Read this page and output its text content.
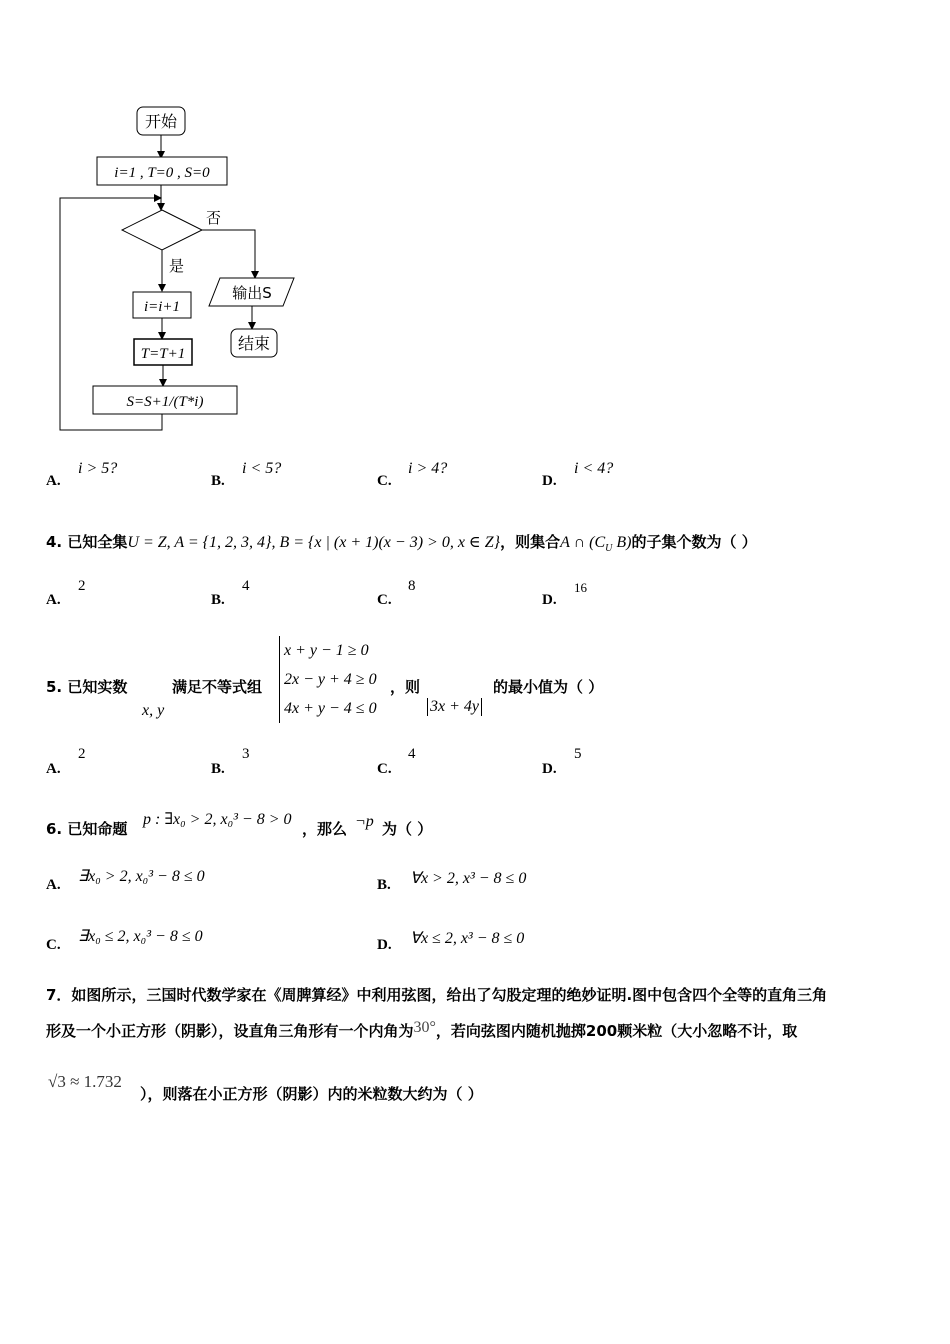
开始
i=1 , T=0 , S=0
否
输出S
结束
是
i=i+1
T=T+1
S=S+1/(T*i)
A.
i > 5?
B.
i < 5?
C.
i > 4?
D.
i < 4?
4. 已知全集U = Z, A = {1, 2, 3, 4}, B = {x | (x + 1)(x − 3) > 0, x ∈ Z}，则集合A ∩ ($C_U$ B)的子集个数为（ ）
A.
2
B.
4
C.
8
D.
16
5. 已知实数
x, y
满足不等式组
x + y − 1 ≥ 0
2x − y + 4 ≥ 0
4x + y − 4 ≤ 0
，则
3x + 4y
的最小值为（ ）
A.
2
B.
3
C.
4
D.
5
6. 已知命题
p : ∃x₀ > 2, x₀³ − 8 > 0
，那么 ¬p 为（ ）
A. ∃x₀ > 2, x₀³ − 8 ≤ 0	B. ∀x > 2, x³ − 8 ≤ 0
C. ∃x₀ ≤ 2, x₀³ − 8 ≤ 0	D. ∀x ≤ 2, x³ − 8 ≤ 0
7．如图所示，三国时代数学家在《周脾算经》中利用弦图，给出了勾股定理的绝妙证明.图中包含四个全等的直角三角
形及一个小正方形（阴影），设直角三角形有一个内角为30°，若向弦图内随机抛掷200颗米粒（大小忽略不计，取
√3 ≈ 1.732
），则落在小正方形（阴影）内的米粒数大约为（ ）
